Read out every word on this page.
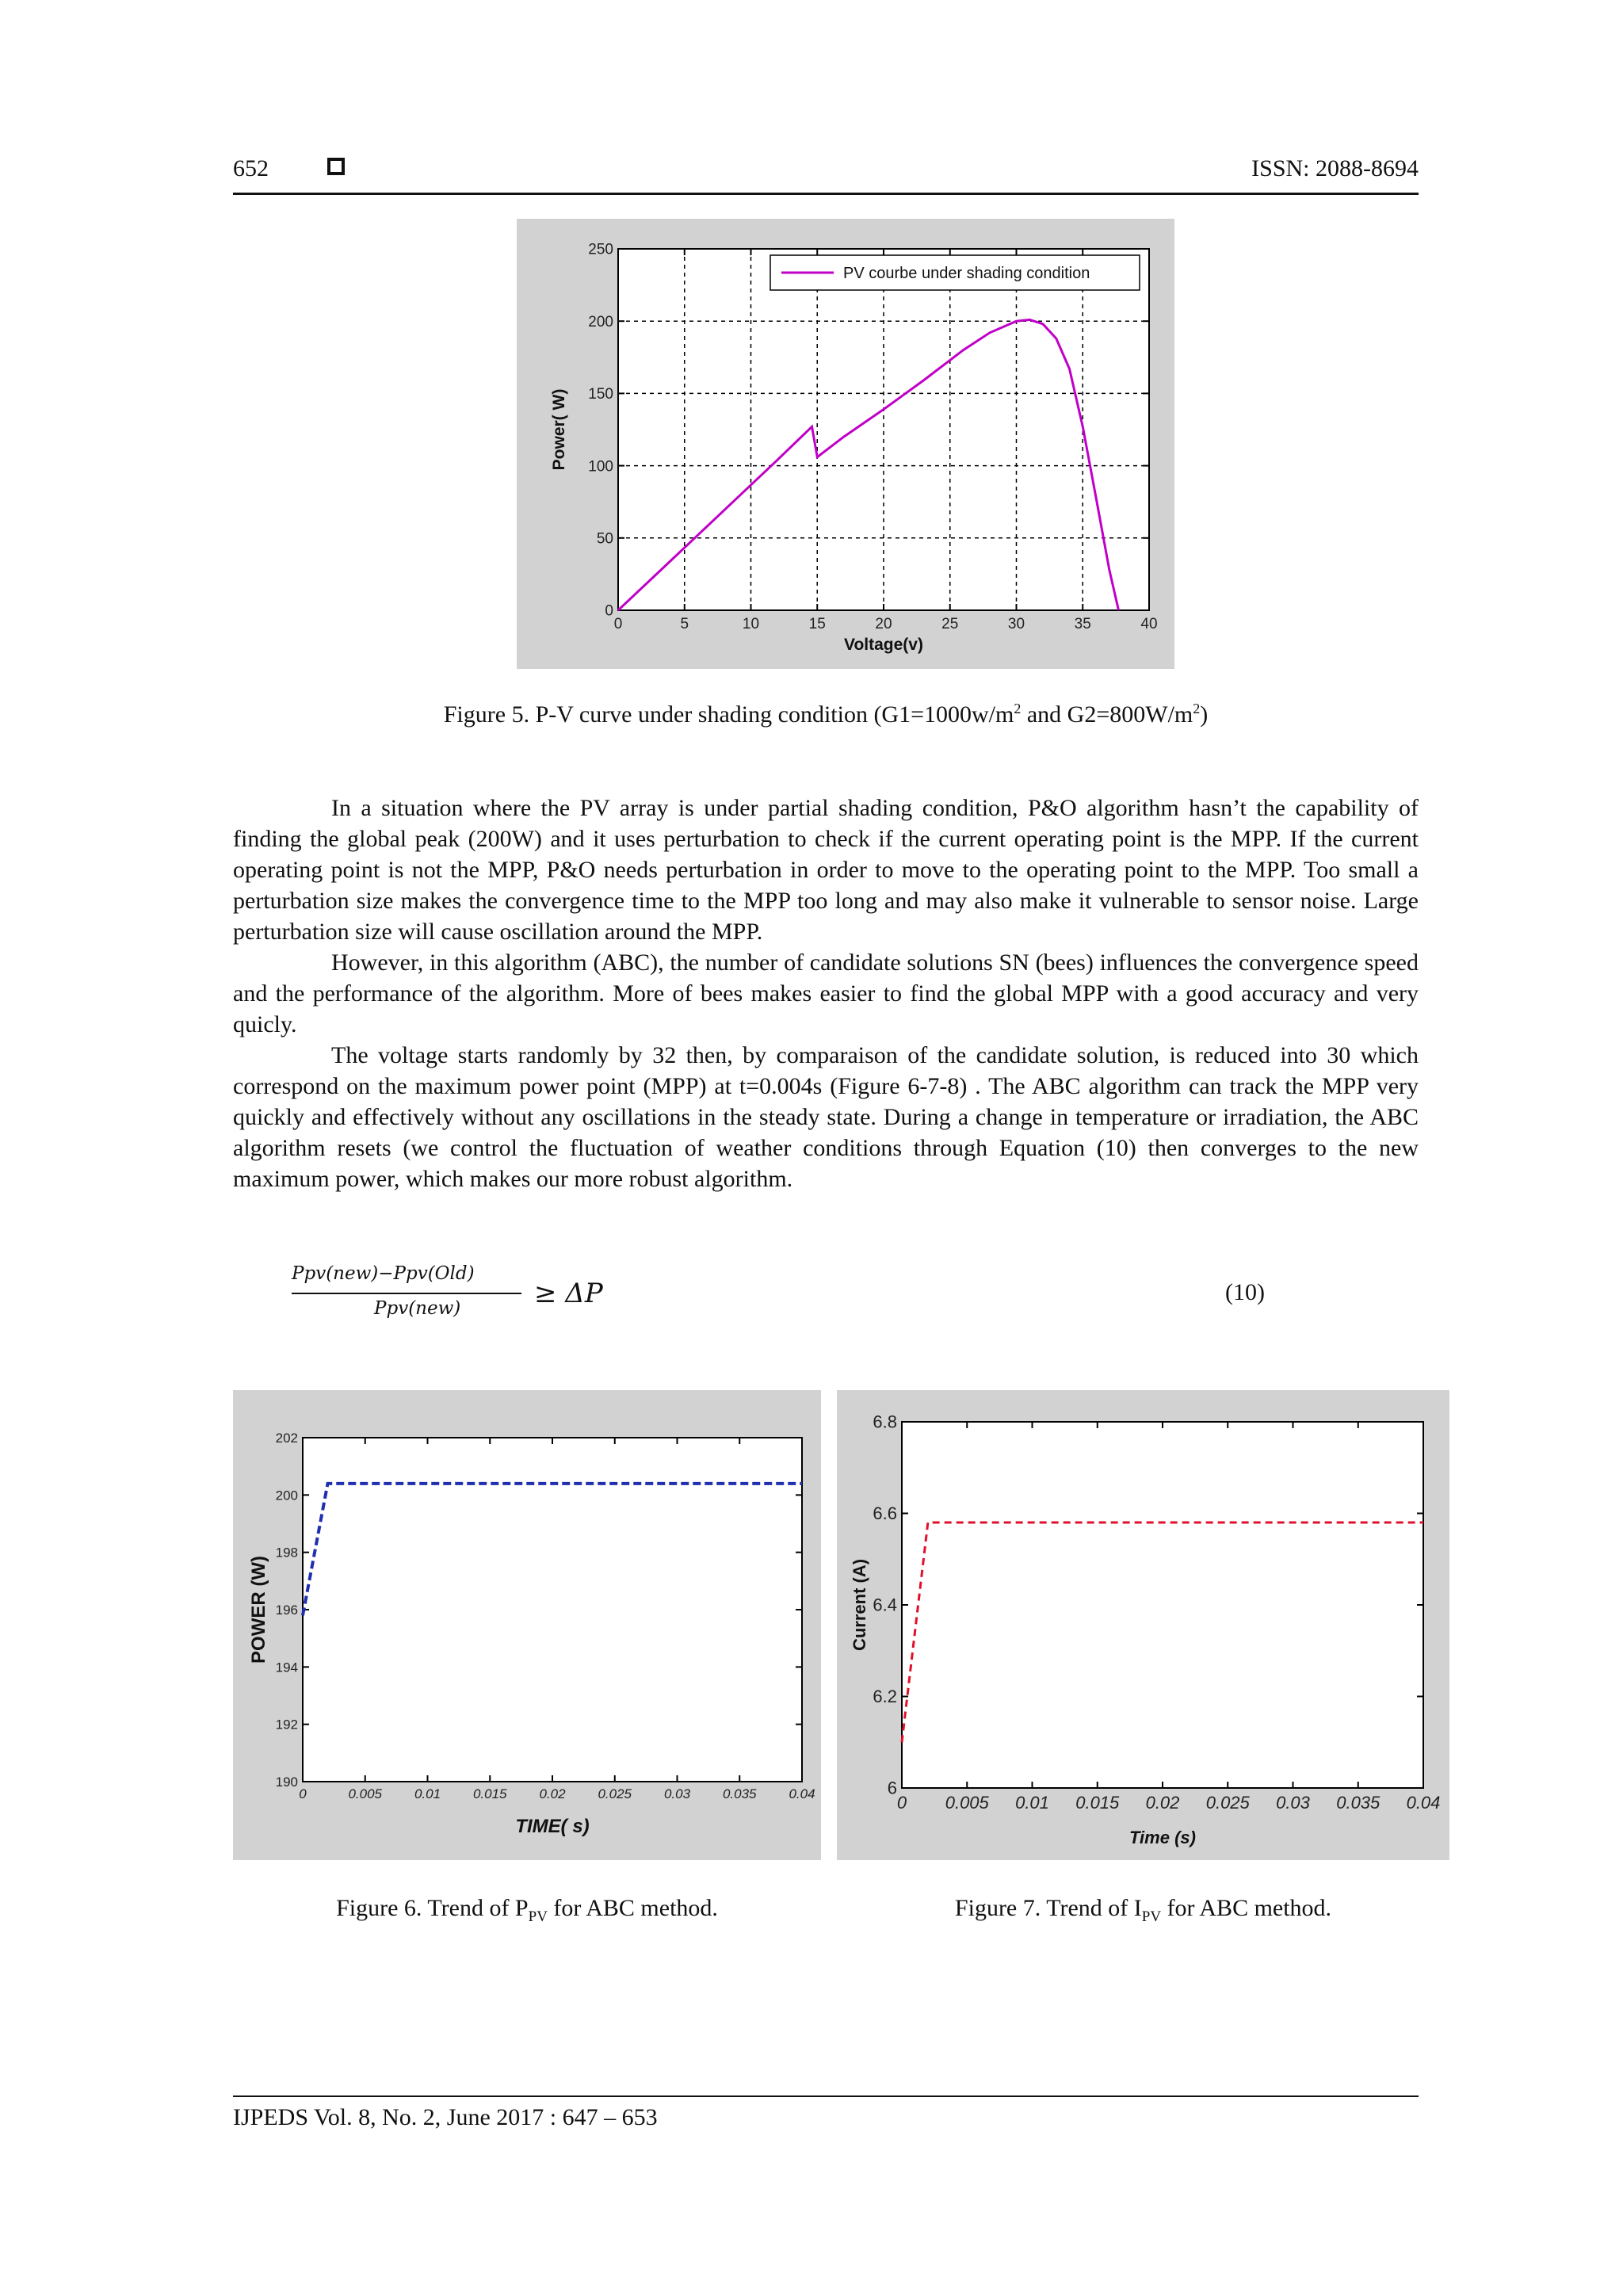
652	ISSN: 2088-8694
0	5	10	15	20	25	30	35	40
0
50
100
150
200
250
Voltage(v)
Power( W)
PV courbe under shading condition
Figure 5. P-V curve under shading condition ($G1=1000w/m^2$ and $G2=800W/m^2$)

In a situation where the PV array is under partial shading condition, P&O algorithm hasn’t the capability of finding the global peak (200W) and it uses perturbation to check if the current operating point is the MPP. If the current operating point is not the MPP, P&O needs perturbation in order to move to the operating point to the MPP. Too small a perturbation size makes the convergence time to the MPP too long and may also make it vulnerable to sensor noise. Large perturbation size will cause oscillation around the MPP.

However, in this algorithm (ABC), the number of candidate solutions SN (bees) influences the convergence speed and the performance of the algorithm. More of bees makes easier to find the global MPP with a good accuracy and very quicly.

The voltage starts randomly by 32 then, by comparaison of the candidate solution, is reduced into 30 which correspond on the maximum power point (MPP) at t=0.004s (Figure 6-7-8) . The ABC algorithm can track the MPP very quickly and effectively without any oscillations in the steady state. During a change in temperature or irradiation, the ABC algorithm resets (we control the fluctuation of weather conditions through Equation (10) then converges to the new maximum power, which makes our more robust algorithm.

Ppv(new)−Ppv(Old)
Ppv(new)	≥ ΔP	(10)
0	0.005 0.01 0.015 0.02 0.025 0.03 0.035 0.04
190
192
194
196
198
200
202
TIME( s)
POWER (W)
Figure 6. Trend of $P_{PV}$ for ABC method.
0 0.005 0.01 0.015 0.02 0.025 0.03 0.035 0.04
6
6.2
6.4
6.6
6.8
Time (s)
Current (A)
Figure 7. Trend of $I_{PV}$ for ABC method.
IJPEDS Vol. 8, No. 2, June 2017 : 647 – 653
